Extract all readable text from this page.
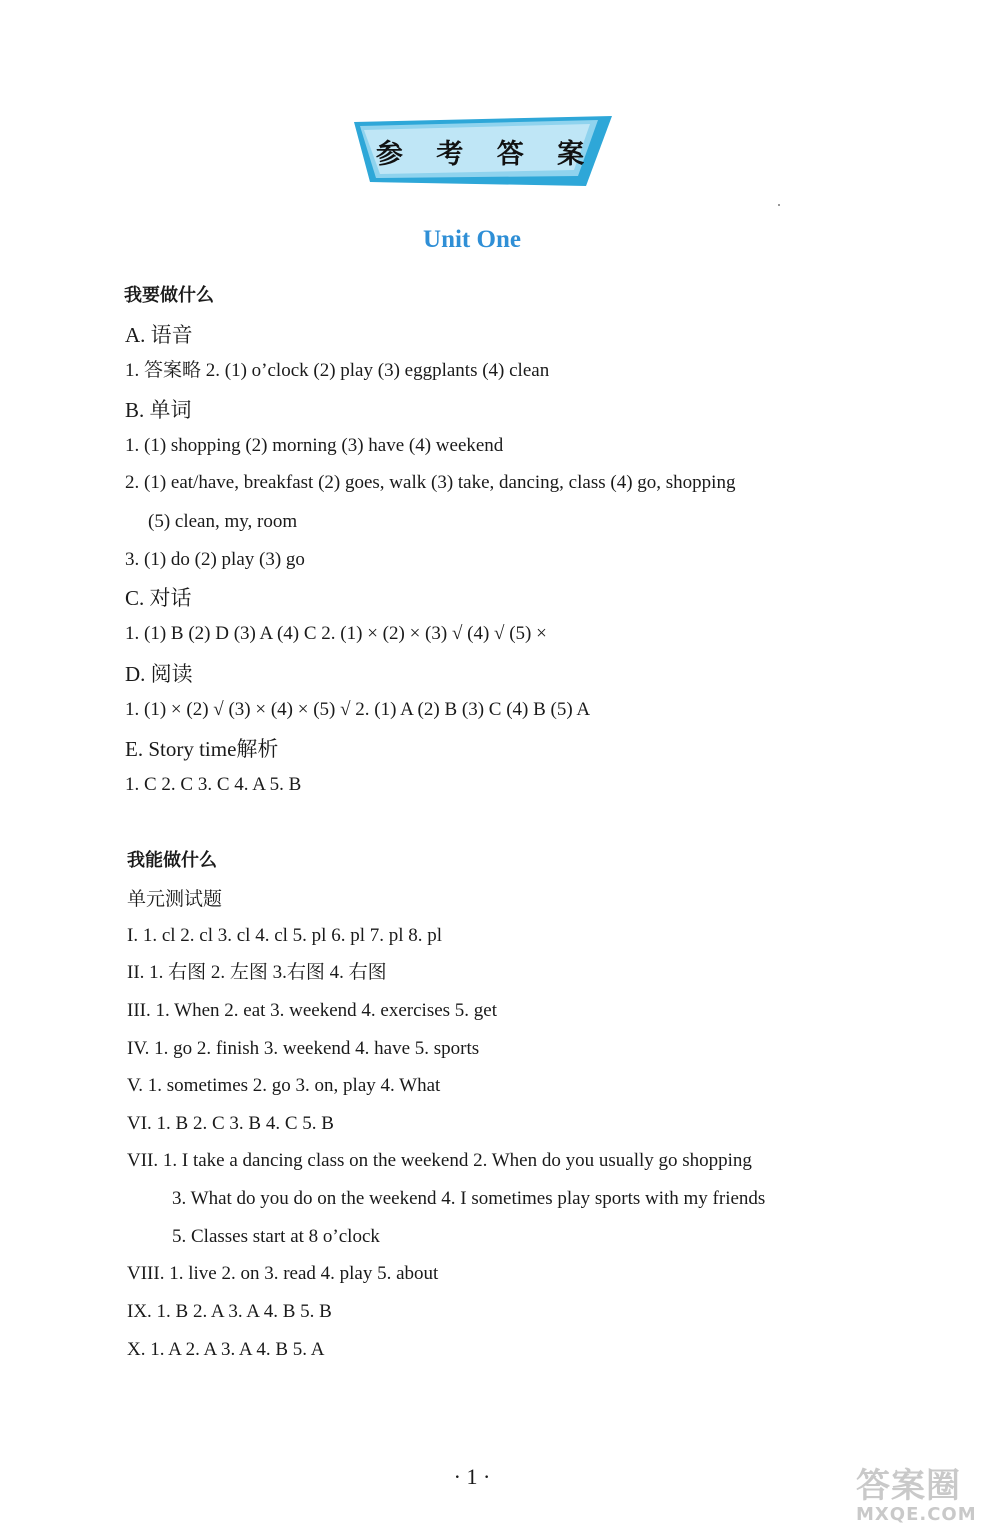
参 考 答 案
Unit One
我要做什么
A. 语音
1. 答案略 2. (1) o’clock (2) play (3) eggplants (4) clean
B. 单词
1. (1) shopping (2) morning (3) have (4) weekend
2. (1) eat/have, breakfast (2) goes, walk (3) take, dancing, class (4) go, shopping
(5) clean, my, room
3. (1) do (2) play (3) go
C. 对话
1. (1) B (2) D (3) A (4) C 2. (1) × (2) × (3) √ (4) √ (5) ×
D. 阅读
1. (1) × (2) √ (3) × (4) × (5) √ 2. (1) A (2) B (3) C (4) B (5) A
E. Story time解析
1. C 2. C 3. C 4. A 5. B
我能做什么
单元测试题
I. 1. cl 2. cl 3. cl 4. cl 5. pl 6. pl 7. pl 8. pl
II. 1. 右图 2. 左图 3.右图 4. 右图
III. 1. When 2. eat 3. weekend 4. exercises 5. get
IV. 1. go 2. finish 3. weekend 4. have 5. sports
V. 1. sometimes 2. go 3. on, play 4. What
VI. 1. B 2. C 3. B 4. C 5. B
VII. 1. I take a dancing class on the weekend 2. When do you usually go shopping
3. What do you do on the weekend 4. I sometimes play sports with my friends
5. Classes start at 8 o’clock
VIII. 1. live 2. on 3. read 4. play 5. about
IX. 1. B 2. A 3. A 4. B 5. B
X. 1. A 2. A 3. A 4. B 5. A
· 1 ·	答案圈
MXQE.COM
